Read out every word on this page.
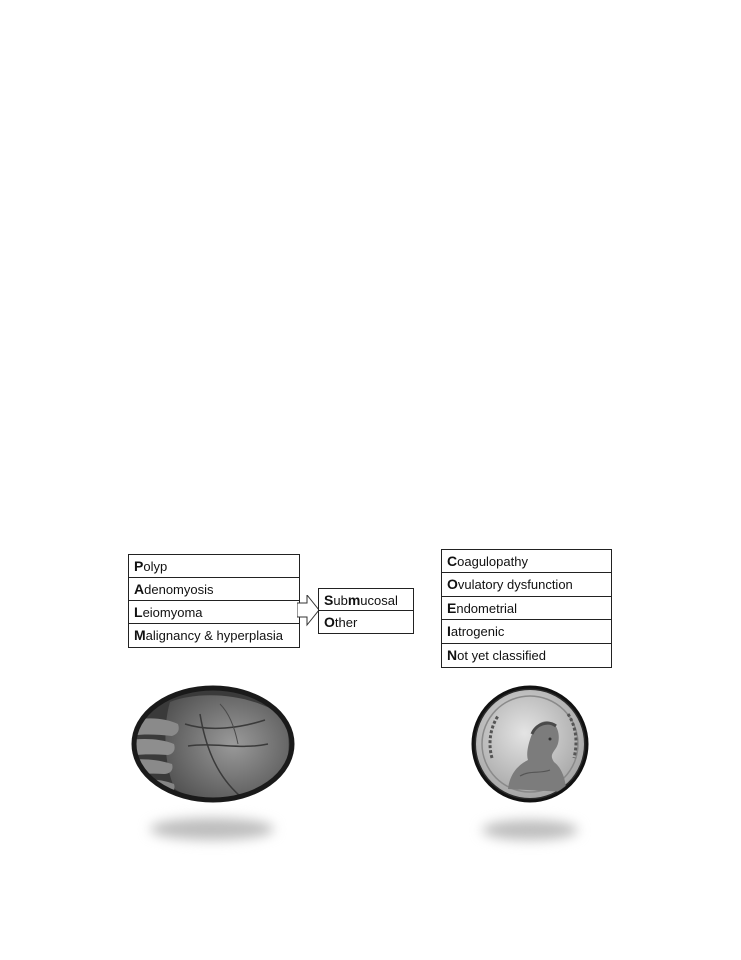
Polyp
Adenomyosis
Leiomyoma
Malignancy & hyperplasia
Submucosal
Other
Coagulopathy
Ovulatory dysfunction
Endometrial
Iatrogenic
Not yet classified
